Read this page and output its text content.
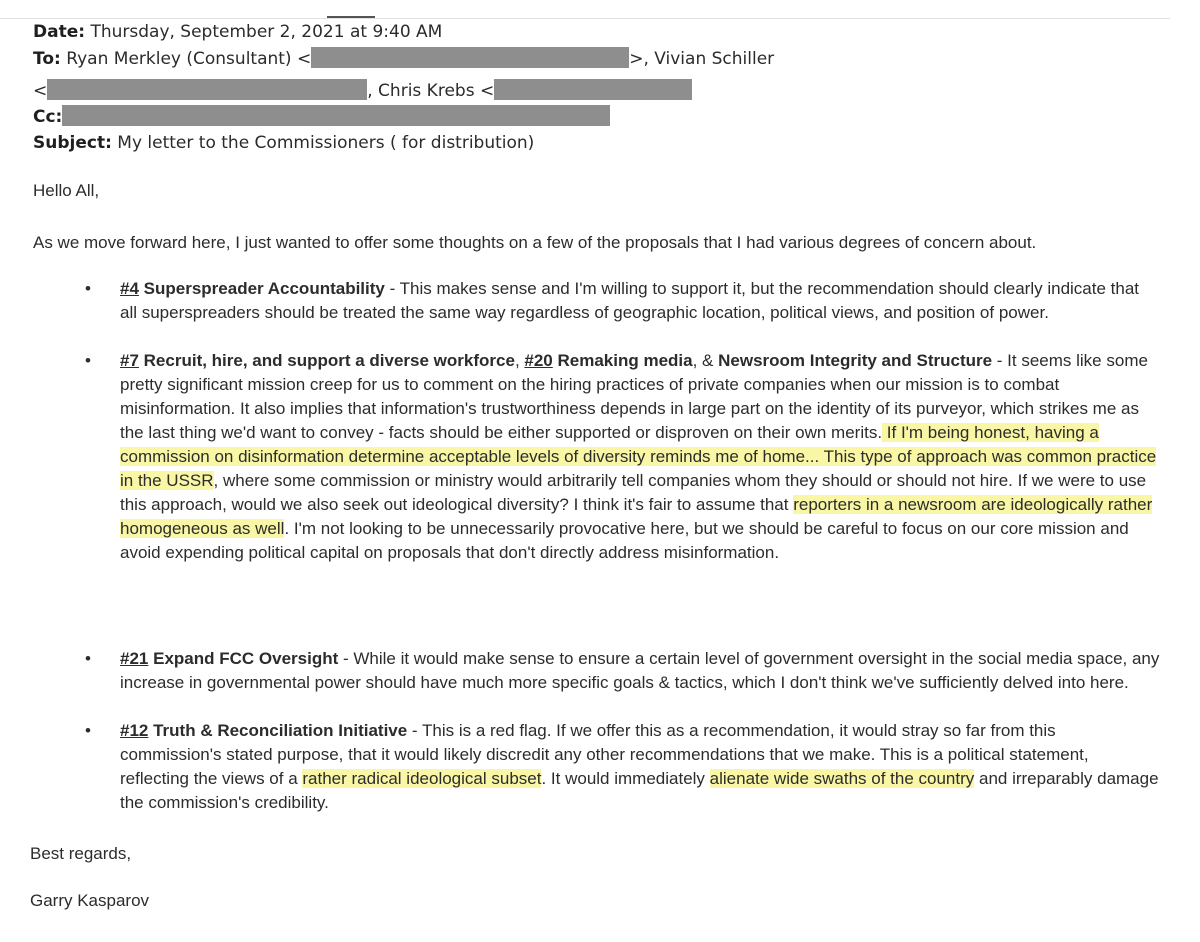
Date: Thursday, September 2, 2021 at 9:40 AM
To: Ryan Merkley (Consultant) <	>, Vivian Schiller
<	, Chris Krebs <
Cc:
Subject: My letter to the Commissioners ( for distribution)
Hello All,
As we move forward here, I just wanted to offer some thoughts on a few of the proposals that I had various degrees of concern about.
• #4 Superspreader Accountability - This makes sense and I'm willing to support it, but the recommendation should clearly indicate that all superspreaders should be treated the same way regardless of geographic location, political views, and position of power.
• #7 Recruit, hire, and support a diverse workforce, #20 Remaking media, & Newsroom Integrity and Structure - It seems like some pretty significant mission creep for us to comment on the hiring practices of private companies when our mission is to combat misinformation. It also implies that information's trustworthiness depends in large part on the identity of its purveyor, which strikes me as the last thing we'd want to convey - facts should be either supported or disproven on their own merits. If I'm being honest, having a commission on disinformation determine acceptable levels of diversity reminds me of home... This type of approach was common practice in the USSR, where some commission or ministry would arbitrarily tell companies whom they should or should not hire. If we were to use this approach, would we also seek out ideological diversity? I think it's fair to assume that reporters in a newsroom are ideologically rather homogeneous as well. I'm not looking to be unnecessarily provocative here, but we should be careful to focus on our core mission and avoid expending political capital on proposals that don't directly address misinformation.
• #21 Expand FCC Oversight - While it would make sense to ensure a certain level of government oversight in the social media space, any increase in governmental power should have much more specific goals & tactics, which I don't think we've sufficiently delved into here.
• #12 Truth & Reconciliation Initiative - This is a red flag. If we offer this as a recommendation, it would stray so far from this commission's stated purpose, that it would likely discredit any other recommendations that we make. This is a political statement, reflecting the views of a rather radical ideological subset. It would immediately alienate wide swaths of the country and irreparably damage the commission's credibility.
Best regards,
Garry Kasparov
